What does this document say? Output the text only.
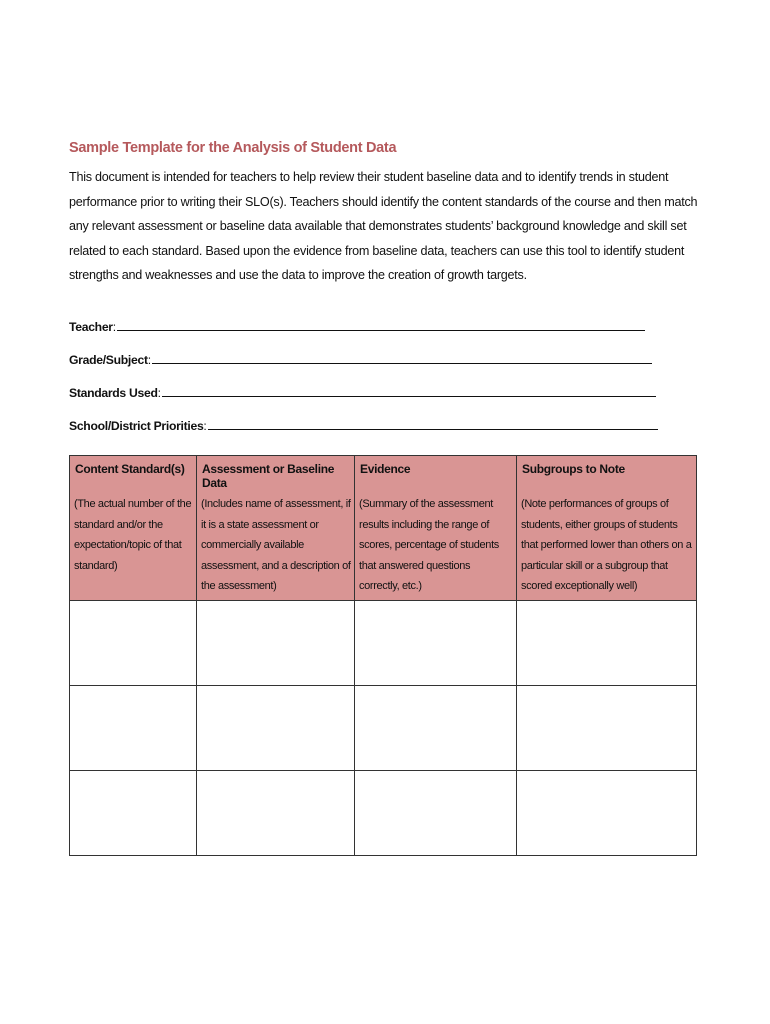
Sample Template for the Analysis of Student Data

This document is intended for teachers to help review their student baseline data and to identify trends in student performance prior to writing their SLO(s). Teachers should identify the content standards of the course and then match any relevant assessment or baseline data available that demonstrates students’ background knowledge and skill set related to each standard. Based upon the evidence from baseline data, teachers can use this tool to identify student strengths and weaknesses and use the data to improve the creation of growth targets.

Teacher:
Grade/Subject:
Standards Used:
School/District Priorities:
Content Standard(s)	Assessment or Baseline Data	Evidence	Subgroups to Note
(The actual number of the standard and/or the expectation/topic of that standard)	(Includes name of assessment, if it is a state assessment or commercially available assessment, and a description of the assessment)	(Summary of the assessment results including the range of scores, percentage of students that answered questions correctly, etc.)	(Note performances of groups of students, either groups of students that performed lower than others on a particular skill or a subgroup that scored exceptionally well)
